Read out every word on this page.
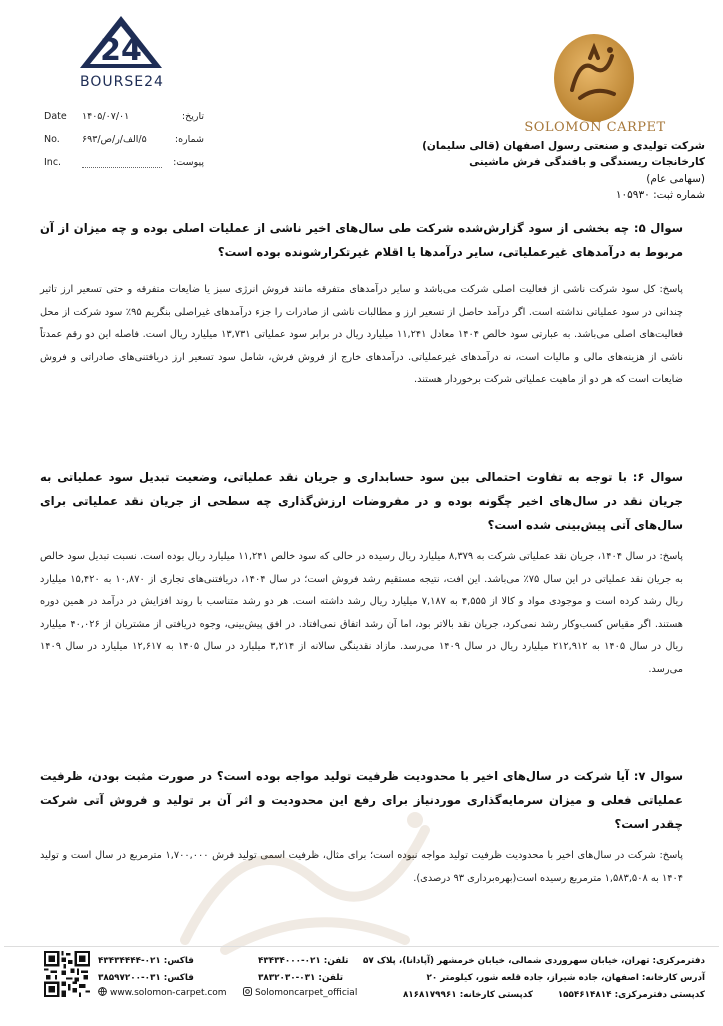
24
BOURSE24
SOLOMON CARPET
شرکت تولیدی و صنعتی رسول اصفهان (قالی سلیمان)
کارخانجات ریسندگی و بافندگی فرش ماشینی
(سهامی عام)
شماره ثبت: ۱۰۵۹۳۰
Date ۱۴۰۵/۰۷/۰۱	تاریخ:
No. ۵/الف/ر/ص/۶۹۳	شماره:
Inc.	پیوست:
سوال ۵: چه بخشی از سود گزارش‌شده شرکت طی سال‌های اخیر ناشی از عملیات اصلی بوده و چه میزان از آن مربوط به درآمدهای غیرعملیاتی، سایر درآمدها یا اقلام غیرتکرارشونده بوده است؟
پاسخ: کل سود شرکت ناشی از فعالیت اصلی شرکت می‌باشد و سایر درآمدهای متفرقه مانند فروش انرژی سبز یا ضایعات متفرقه و حتی تسعیر ارز تاثیر چندانی در سود عملیاتی نداشته است. اگر درآمد حاصل از تسعیر ارز و مطالبات ناشی از صادرات را جزء درآمدهای غیراصلی بنگریم ۹۵٪ سود شرکت از محل فعالیت‌های اصلی می‌باشد. به عبارتی سود خالص ۱۴۰۴ معادل ۱۱,۲۴۱ میلیارد ریال در برابر سود عملیاتی ۱۳,۷۳۱ میلیارد ریال است. فاصله این دو رقم عمدتاً ناشی از هزینه‌های مالی و مالیات است، نه درآمدهای غیرعملیاتی. درآمدهای خارج از فروش فرش، شامل سود تسعیر ارز دریافتنی‌های صادراتی و فروش ضایعات است که هر دو از ماهیت عملیاتی شرکت برخوردار هستند.
سوال ۶: با توجه به تفاوت احتمالی بین سود حسابداری و جریان نقد عملیاتی، وضعیت تبدیل سود عملیاتی به جریان نقد در سال‌های اخیر چگونه بوده و در مفروضات ارزش‌گذاری چه سطحی از جریان نقد عملیاتی برای سال‌های آتی پیش‌بینی شده است؟
پاسخ: در سال ۱۴۰۴، جریان نقد عملیاتی شرکت به ۸,۳۷۹ میلیارد ریال رسیده در حالی که سود خالص ۱۱,۲۴۱ میلیارد ریال بوده است. نسبت تبدیل سود خالص به جریان نقد عملیاتی در این سال ۷۵٪ می‌باشد. این افت، نتیجه مستقیم رشد فروش است؛ در سال ۱۴۰۴، دریافتنی‌های تجاری از ۱۰,۸۷۰ به ۱۵,۴۲۰ میلیارد ریال رشد کرده است و موجودی مواد و کالا از ۴,۵۵۵ به ۷,۱۸۷ میلیارد ریال رشد داشته است. هر دو رشد متناسب با روند افزایش در درآمد در همین دوره هستند. اگر مقیاس کسب‌وکار رشد نمی‌کرد، جریان نقد بالاتر بود، اما آن رشد اتفاق نمی‌افتاد. در افق پیش‌بینی، وجوه دریافتی از مشتریان از ۴۰,۰۲۶ میلیارد ریال در سال ۱۴۰۵ به ۲۱۲,۹۱۲ میلیارد ریال در سال ۱۴۰۹ می‌رسد. مازاد نقدینگی سالانه از ۳,۲۱۴ میلیارد در سال ۱۴۰۵ به ۱۲,۶۱۷ میلیارد در سال ۱۴۰۹ می‌رسد.
سوال ۷: آیا شرکت در سال‌های اخیر با محدودیت ظرفیت تولید مواجه بوده است؟ در صورت مثبت بودن، ظرفیت عملیاتی فعلی و میزان سرمایه‌گذاری موردنیاز برای رفع این محدودیت و اثر آن بر تولید و فروش آتی شرکت چقدر است؟
پاسخ: شرکت در سال‌های اخیر با محدودیت ظرفیت تولید مواجه نبوده است؛ برای مثال، ظرفیت اسمی تولید فرش ۱,۷۰۰,۰۰۰ مترمربع در سال است و تولید ۱۴۰۴ به ۱,۵۸۳,۵۰۸ مترمربع رسیده است(بهره‌برداری ۹۳ درصدی).
دفترمرکزی: تهران، خیابان سهروردی شمالی، خیابان خرمشهر (آپادانا)، پلاک ۵۷
آدرس کارخانه: اصفهان، جاده شیراز، جاده قلعه شور، کیلومتر ۲۰
کدپستی دفترمرکزی: ۱۵۵۴۶۱۴۸۱۴
کدپستی کارخانه: ۸۱۶۸۱۷۹۹۶۱
تلفن: ۰۲۱-۴۳۴۳۴۰۰۰
تلفن: ۰۳۱-۳۸۳۲۰۳۰
فاکس: ۰۲۱-۴۳۴۳۴۴۴۴
فاکس: ۰۳۱-۳۸۵۹۷۲۰۰
Solomoncarpet_official
www.solomon-carpet.com
